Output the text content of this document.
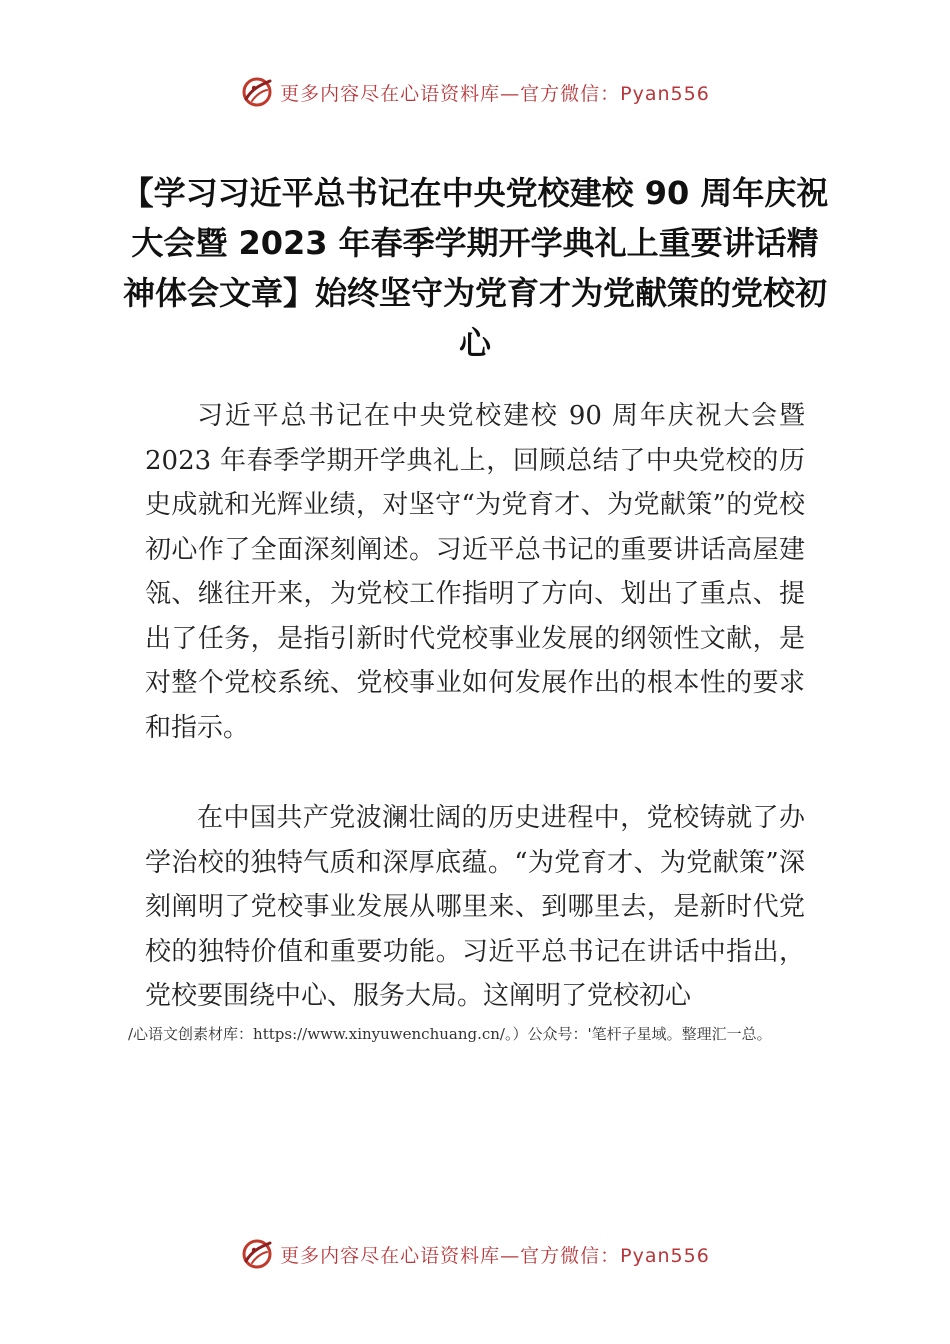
更多内容尽在心语资料库—官方微信：Pyan556
【学习习近平总书记在中央党校建校 90 周年庆祝大会暨 2023 年春季学期开学典礼上重要讲话精神体会文章】始终坚守为党育才为党献策的党校初心

习近平总书记在中央党校建校 90 周年庆祝大会暨 2023 年春季学期开学典礼上，回顾总结了中央党校的历史成就和光辉业绩，对坚守“为党育才、为党献策”的党校初心作了全面深刻阐述。习近平总书记的重要讲话高屋建瓴、继往开来，为党校工作指明了方向、划出了重点、提出了任务，是指引新时代党校事业发展的纲领性文献，是对整个党校系统、党校事业如何发展作出的根本性的要求和指示。

在中国共产党波澜壮阔的历史进程中，党校铸就了办学治校的独特气质和深厚底蕴。“为党育才、为党献策”深刻阐明了党校事业发展从哪里来、到哪里去，是新时代党校的独特价值和重要功能。习近平总书记在讲话中指出，党校要围绕中心、服务大局。这阐明了党校初心

/心语文创素材库：https://www.xinyuwenchuang.cn/。）公众号：'笔杆子星域。整理汇一总。

更多内容尽在心语资料库—官方微信：Pyan556
